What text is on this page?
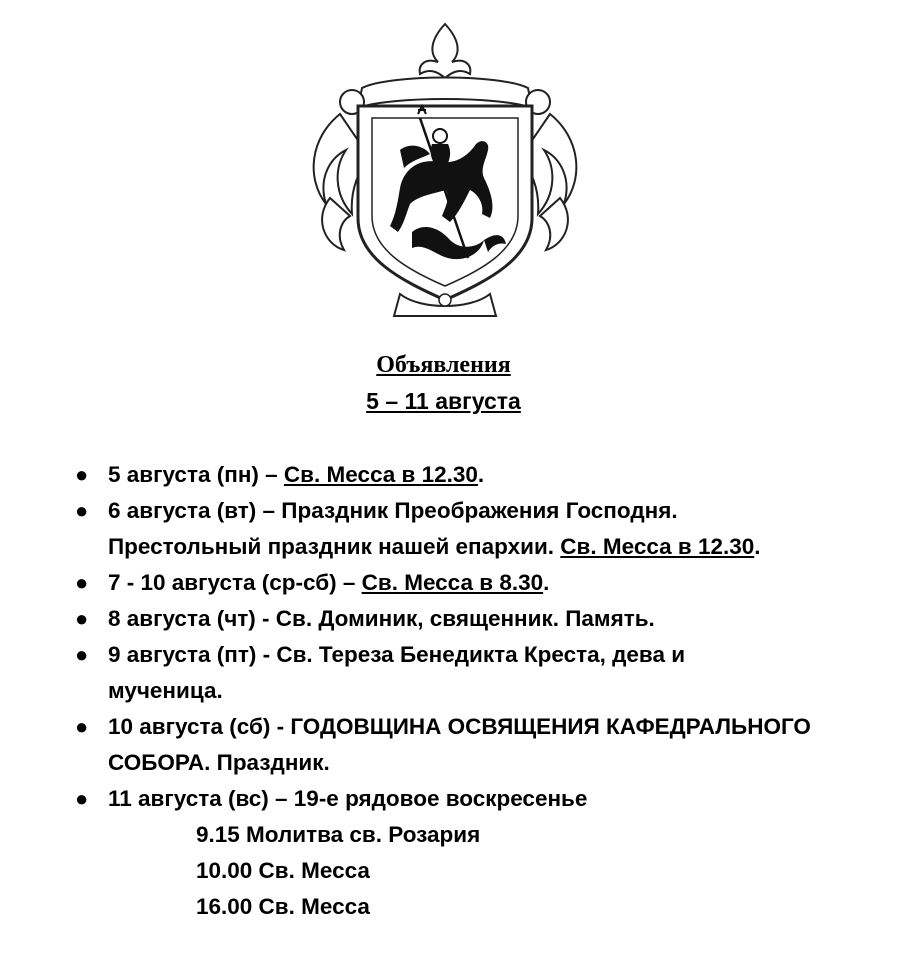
Объявления
5 – 11 августа
● 5 августа (пн) – Св. Месса в 12.30.
● 6 августа (вт) – Праздник Преображения Господня.
Престольный праздник нашей епархии. Св. Месса в 12.30.
● 7 - 10 августа (ср-сб) – Св. Месса в 8.30.
● 8 августа (чт) - Св. Доминик, священник. Память.
● 9 августа (пт) - Св. Тереза Бенедикта Креста, дева и
мученица.
● 10 августа (сб) - ГОДОВЩИНА ОСВЯЩЕНИЯ КАФЕДРАЛЬНОГО
СОБОРА. Праздник.
● 11 августа (вс) – 19-е рядовое воскресенье
9.15 Молитва св. Розария
10.00 Св. Месса
16.00 Св. Месса
